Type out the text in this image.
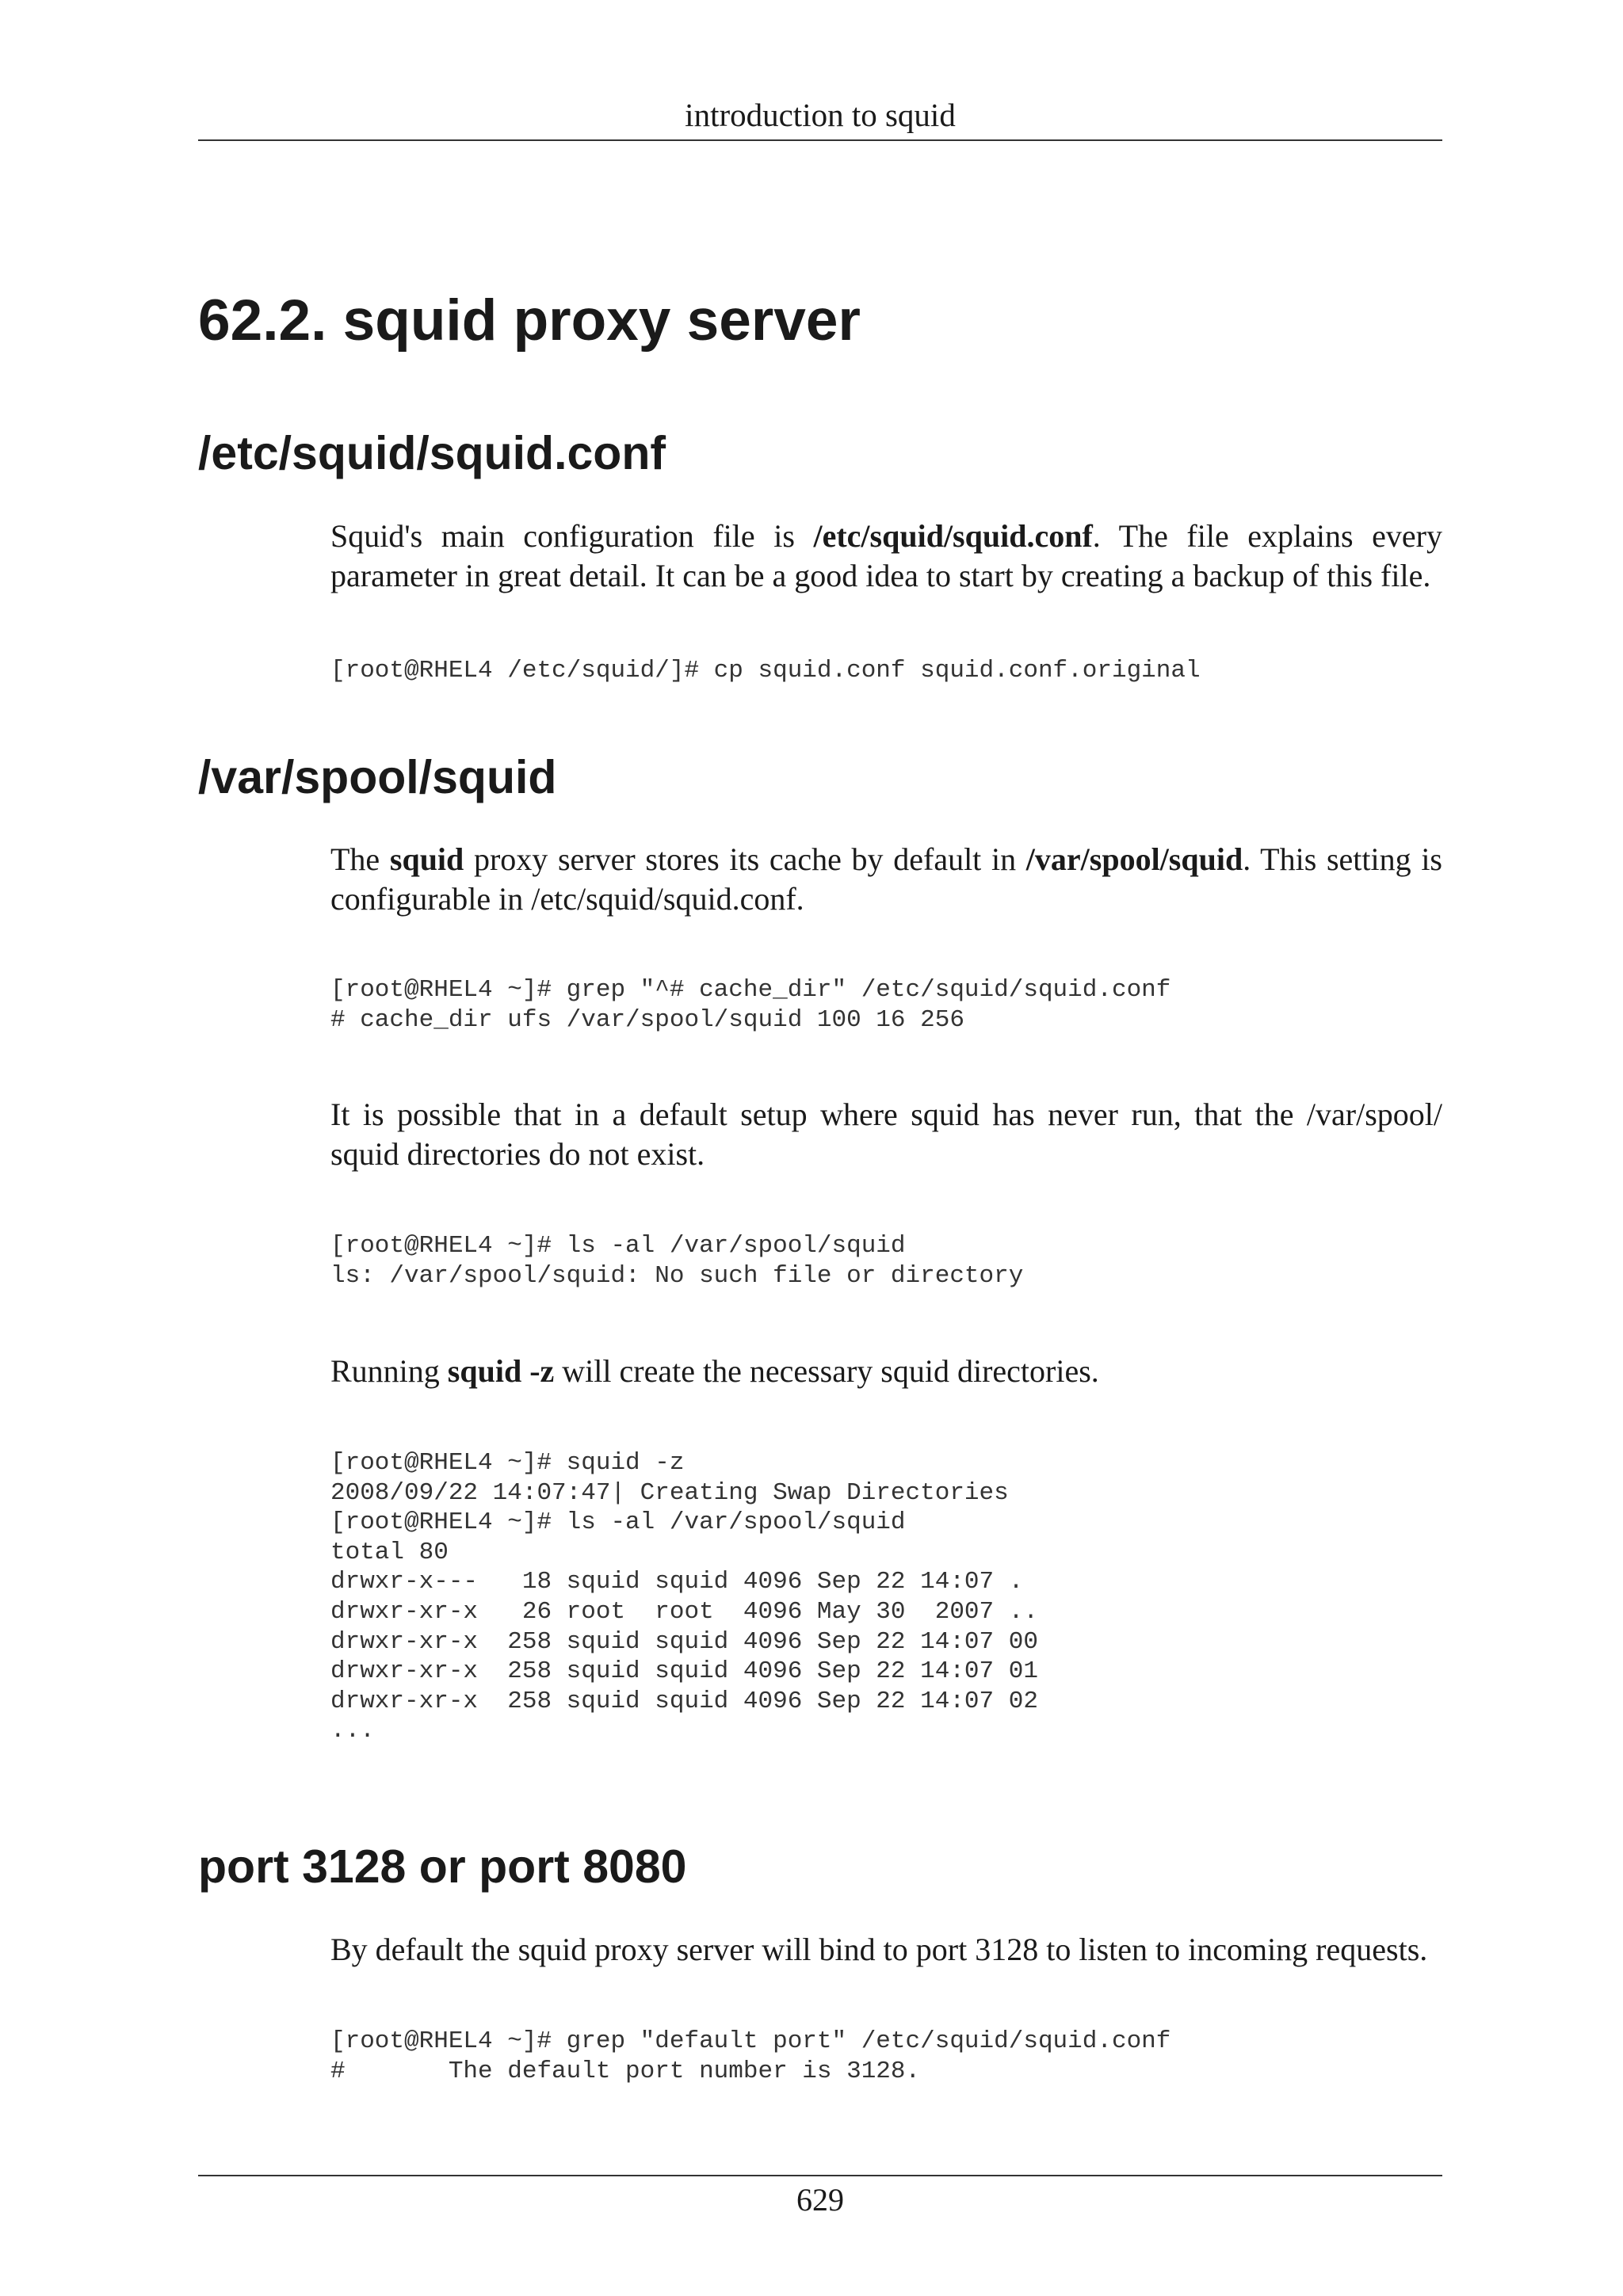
introduction to squid
62.2. squid proxy server
/etc/squid/squid.conf

Squid's main configuration file is /etc/squid/squid.conf. The file explains every parameter in great detail. It can be a good idea to start by creating a backup of this file.

[root@RHEL4 /etc/squid/]# cp squid.conf squid.conf.original
/var/spool/squid

The squid proxy server stores its cache by default in /var/spool/squid. This setting is configurable in /etc/squid/squid.conf.

[root@RHEL4 ~]# grep "^# cache_dir" /etc/squid/squid.conf
# cache_dir ufs /var/spool/squid 100 16 256

It is possible that in a default setup where squid has never run, that the /var/spool/ squid directories do not exist.

[root@RHEL4 ~]# ls -al /var/spool/squid
ls: /var/spool/squid: No such file or directory

Running squid -z will create the necessary squid directories.

[root@RHEL4 ~]# squid -z
2008/09/22 14:07:47| Creating Swap Directories
[root@RHEL4 ~]# ls -al /var/spool/squid
total 80
drwxr-x---   18 squid squid 4096 Sep 22 14:07 .
drwxr-xr-x   26 root  root  4096 May 30  2007 ..
drwxr-xr-x  258 squid squid 4096 Sep 22 14:07 00
drwxr-xr-x  258 squid squid 4096 Sep 22 14:07 01
drwxr-xr-x  258 squid squid 4096 Sep 22 14:07 02
...
port 3128 or port 8080

By default the squid proxy server will bind to port 3128 to listen to incoming requests.

[root@RHEL4 ~]# grep "default port" /etc/squid/squid.conf
#       The default port number is 3128.
629
